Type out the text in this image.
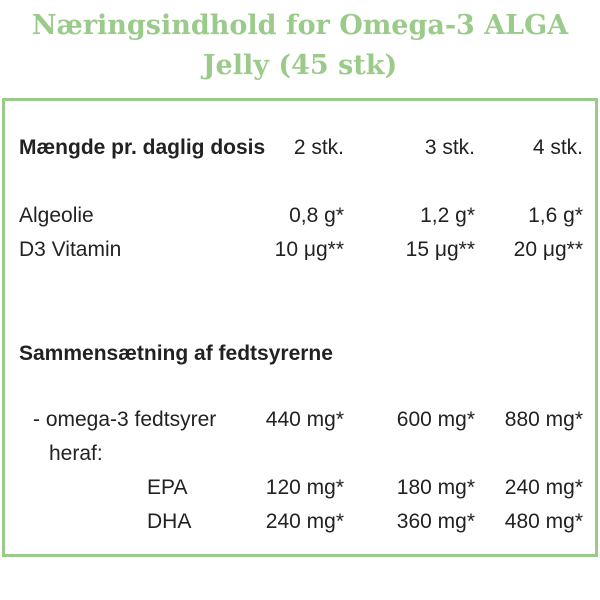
Næringsindhold for Omega-3 ALGA
Jelly (45 stk)
Mængde pr. daglig dosis 2 stk.	3 stk.	4 stk.
Algeolie	0,8 g*	1,2 g*	1,6 g*
D3 Vitamin	10 μg**	15 μg** 20 μg**
Sammensætning af fedtsyrerne
- omega-3 fedtsyrer 440 mg*	600 mg* 880 mg*
heraf:
EPA	120 mg*	180 mg* 240 mg*
DHA	240 mg*	360 mg* 480 mg*
